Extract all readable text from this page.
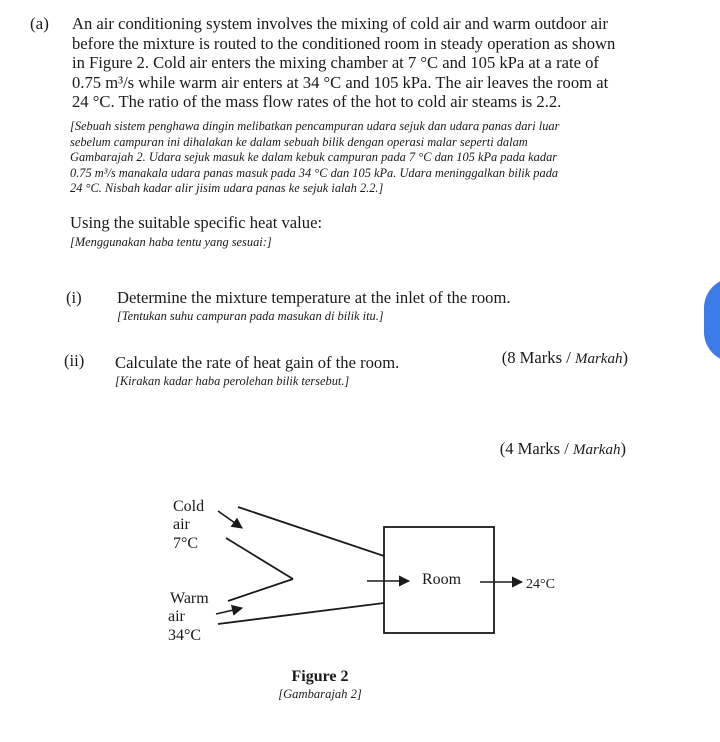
(a) An air conditioning system involves the mixing of cold air and warm outdoor air

before the mixture is routed to the conditioned room in steady operation as shown

in Figure 2. Cold air enters the mixing chamber at 7 °C and 105 kPa at a rate of

0.75 m³/s while warm air enters at 34 °C and 105 kPa. The air leaves the room at

24 °C. The ratio of the mass flow rates of the hot to cold air steams is 2.2.

[Sebuah sistem penghawa dingin melibatkan pencampuran udara sejuk dan udara panas dari luar

sebelum campuran ini dihalakan ke dalam sebuah bilik dengan operasi malar seperti dalam

Gambarajah 2. Udara sejuk masuk ke dalam kebuk campuran pada 7 °C dan 105 kPa pada kadar

0.75 m³/s manakala udara panas masuk pada 34 °C dan 105 kPa. Udara meninggalkan bilik pada

24 °C. Nisbah kadar alir jisim udara panas ke sejuk ialah 2.2.]

Using the suitable specific heat value:
[Menggunakan haba tentu yang sesuai:]
(i) Determine the mixture temperature at the inlet of the room.
[Tentukan suhu campuran pada masukan di bilik itu.]
(8 Marks / Markah)
(ii) Calculate the rate of heat gain of the room.
[Kirakan kadar haba perolehan bilik tersebut.]
(4 Marks / Markah)
Cold
air
7°C
Warm
air
34°C
Room	24°C
Figure 2
[Gambarajah 2]
